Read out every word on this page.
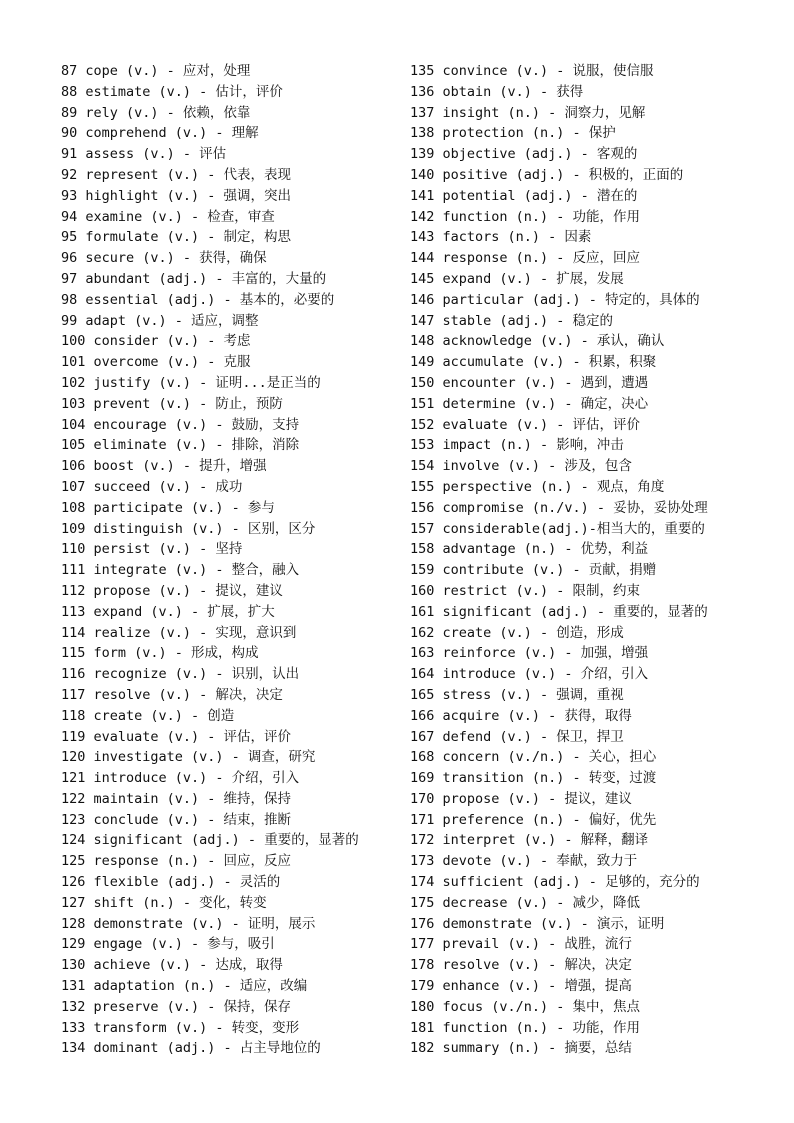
87 cope (v.) - 应对，处理
88 estimate (v.) - 估计，评价
89 rely (v.) - 依赖，依靠
90 comprehend (v.) - 理解
91 assess (v.) - 评估
92 represent (v.) - 代表，表现
93 highlight (v.) - 强调，突出
94 examine (v.) - 检查，审查
95 formulate (v.) - 制定，构思
96 secure (v.) - 获得，确保
97 abundant (adj.) - 丰富的，大量的
98 essential (adj.) - 基本的，必要的
99 adapt (v.) - 适应，调整
100 consider (v.) - 考虑
101 overcome (v.) - 克服
102 justify (v.) - 证明...是正当的
103 prevent (v.) - 防止，预防
104 encourage (v.) - 鼓励，支持
105 eliminate (v.) - 排除，消除
106 boost (v.) - 提升，增强
107 succeed (v.) - 成功
108 participate (v.) - 参与
109 distinguish (v.) - 区别，区分
110 persist (v.) - 坚持
111 integrate (v.) - 整合，融入
112 propose (v.) - 提议，建议
113 expand (v.) - 扩展，扩大
114 realize (v.) - 实现，意识到
115 form (v.) - 形成，构成
116 recognize (v.) - 识别，认出
117 resolve (v.) - 解决，决定
118 create (v.) - 创造
119 evaluate (v.) - 评估，评价
120 investigate (v.) - 调查，研究
121 introduce (v.) - 介绍，引入
122 maintain (v.) - 维持，保持
123 conclude (v.) - 结束，推断
124 significant (adj.) - 重要的，显著的
125 response (n.) - 回应，反应
126 flexible (adj.) - 灵活的
127 shift (n.) - 变化，转变
128 demonstrate (v.) - 证明，展示
129 engage (v.) - 参与，吸引
130 achieve (v.) - 达成，取得
131 adaptation (n.) - 适应，改编
132 preserve (v.) - 保持，保存
133 transform (v.) - 转变，变形
134 dominant (adj.) - 占主导地位的
135 convince (v.) - 说服，使信服
136 obtain (v.) - 获得
137 insight (n.) - 洞察力，见解
138 protection (n.) - 保护
139 objective (adj.) - 客观的
140 positive (adj.) - 积极的，正面的
141 potential (adj.) - 潜在的
142 function (n.) - 功能，作用
143 factors (n.) - 因素
144 response (n.) - 反应，回应
145 expand (v.) - 扩展，发展
146 particular (adj.) - 特定的，具体的
147 stable (adj.) - 稳定的
148 acknowledge (v.) - 承认，确认
149 accumulate (v.) - 积累，积聚
150 encounter (v.) - 遇到，遭遇
151 determine (v.) - 确定，决心
152 evaluate (v.) - 评估，评价
153 impact (n.) - 影响，冲击
154 involve (v.) - 涉及，包含
155 perspective (n.) - 观点，角度
156 compromise (n./v.) - 妥协，妥协处理
157 considerable(adj.)-相当大的，重要的
158 advantage (n.) - 优势，利益
159 contribute (v.) - 贡献，捐赠
160 restrict (v.) - 限制，约束
161 significant (adj.) - 重要的，显著的
162 create (v.) - 创造，形成
163 reinforce (v.) - 加强，增强
164 introduce (v.) - 介绍，引入
165 stress (v.) - 强调，重视
166 acquire (v.) - 获得，取得
167 defend (v.) - 保卫，捍卫
168 concern (v./n.) - 关心，担心
169 transition (n.) - 转变，过渡
170 propose (v.) - 提议，建议
171 preference (n.) - 偏好，优先
172 interpret (v.) - 解释，翻译
173 devote (v.) - 奉献，致力于
174 sufficient (adj.) - 足够的，充分的
175 decrease (v.) - 减少，降低
176 demonstrate (v.) - 演示，证明
177 prevail (v.) - 战胜，流行
178 resolve (v.) - 解决，决定
179 enhance (v.) - 增强，提高
180 focus (v./n.) - 集中，焦点
181 function (n.) - 功能，作用
182 summary (n.) - 摘要，总结
